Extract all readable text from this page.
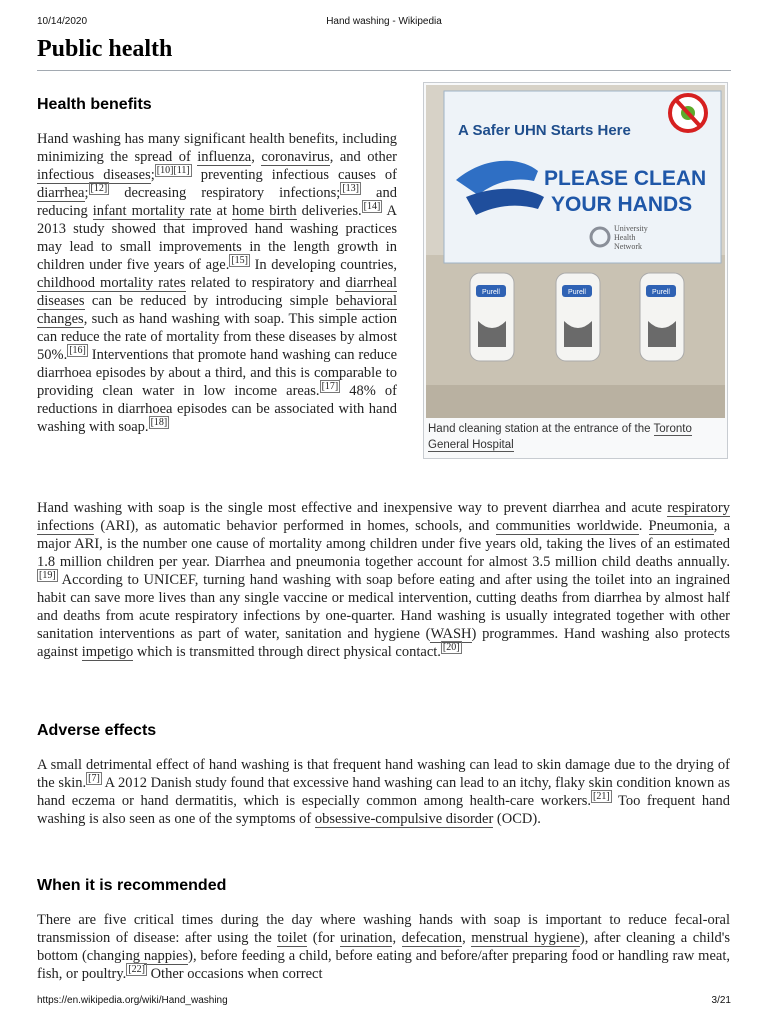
10/14/2020	Hand washing - Wikipedia
Public health
Health benefits

Hand washing has many significant health benefits, including minimizing the spread of influenza, coronavirus, and other infectious diseases; [10][11] preventing infectious causes of diarrhea; [12] decreasing respiratory infections; [13] and reducing infant mortality rate at home birth deliveries. [14] A 2013 study showed that improved hand washing practices may lead to small improvements in the length growth in children under five years of age. [15] In developing countries, childhood mortality rates related to respiratory and diarrheal diseases can be reduced by introducing simple behavioral changes, such as hand washing with soap. This simple action can reduce the rate of mortality from these diseases by almost 50%. [16] Interventions that promote hand washing can reduce diarrhoea episodes by about a third, and this is comparable to providing clean water in low income areas. [17] 48% of reductions in diarrhoea episodes can be associated with hand washing with soap. [18]

A Safer UHN Starts Here
PLEASE CLEAN
YOUR HANDS
University
Health
Network
Purell	Purell	Purell
Hand cleaning station at the entrance of the Toronto General Hospital

Hand washing with soap is the single most effective and inexpensive way to prevent diarrhea and acute respiratory infections (ARI), as automatic behavior performed in homes, schools, and communities worldwide. Pneumonia, a major ARI, is the number one cause of mortality among children under five years old, taking the lives of an estimated 1.8 million children per year. Diarrhea and pneumonia together account for almost 3.5 million child deaths annually.[19] According to UNICEF, turning hand washing with soap before eating and after using the toilet into an ingrained habit can save more lives than any single vaccine or medical intervention, cutting deaths from diarrhea by almost half and deaths from acute respiratory infections by one-quarter. Hand washing is usually integrated together with other sanitation interventions as part of water, sanitation and hygiene (WASH) programmes. Hand washing also protects against impetigo which is transmitted through direct physical contact. [20]

Adverse effects

A small detrimental effect of hand washing is that frequent hand washing can lead to skin damage due to the drying of the skin. [7] A 2012 Danish study found that excessive hand washing can lead to an itchy, flaky skin condition known as hand eczema or hand dermatitis, which is especially common among health-care workers. [21] Too frequent hand washing is also seen as one of the symptoms of obsessive-compulsive disorder (OCD).

When it is recommended

There are five critical times during the day where washing hands with soap is important to reduce fecal-oral transmission of disease: after using the toilet (for urination, defecation, menstrual hygiene), after cleaning a child's bottom (changing nappies), before feeding a child, before eating and before/after preparing food or handling raw meat, fish, or poultry. [22] Other occasions when correct

https://en.wikipedia.org/wiki/Hand_washing	3/21
